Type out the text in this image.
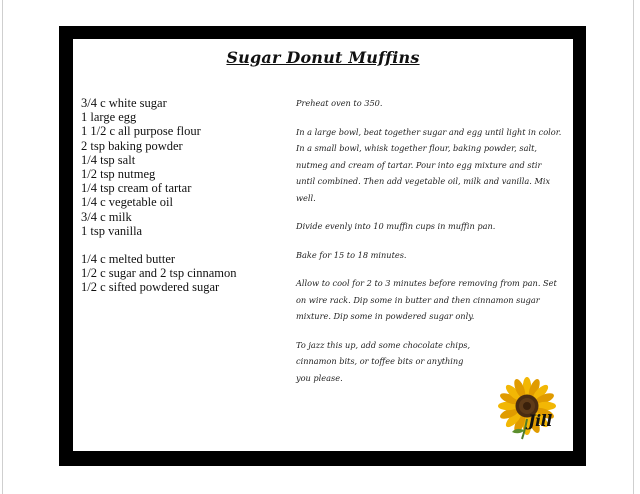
Sugar Donut Muffins
3/4 c white sugar
1 large egg
1 1/2 c all purpose flour
2 tsp baking powder
1/4 tsp salt
1/2 tsp nutmeg
1/4 tsp cream of tartar
1/4 c vegetable oil
3/4 c milk
1 tsp vanilla
1/4 c melted butter
1/2 c sugar and 2 tsp cinnamon
1/2 c sifted powdered sugar

Preheat oven to 350.

In a large bowl, beat together sugar and egg until light in color. In a small bowl, whisk together flour, baking powder, salt, nutmeg and cream of tartar. Pour into egg mixture and stir until combined. Then add vegetable oil, milk and vanilla. Mix well.

Divide evenly into 10 muffin cups in muffin pan.

Bake for 15 to 18 minutes.

Allow to cool for 2 to 3 minutes before removing from pan. Set on wire rack. Dip some in butter and then cinnamon sugar mixture. Dip some in powdered sugar only.

To jazz this up, add some chocolate chips, cinnamon bits, or toffee bits or anything you please.

Jill
